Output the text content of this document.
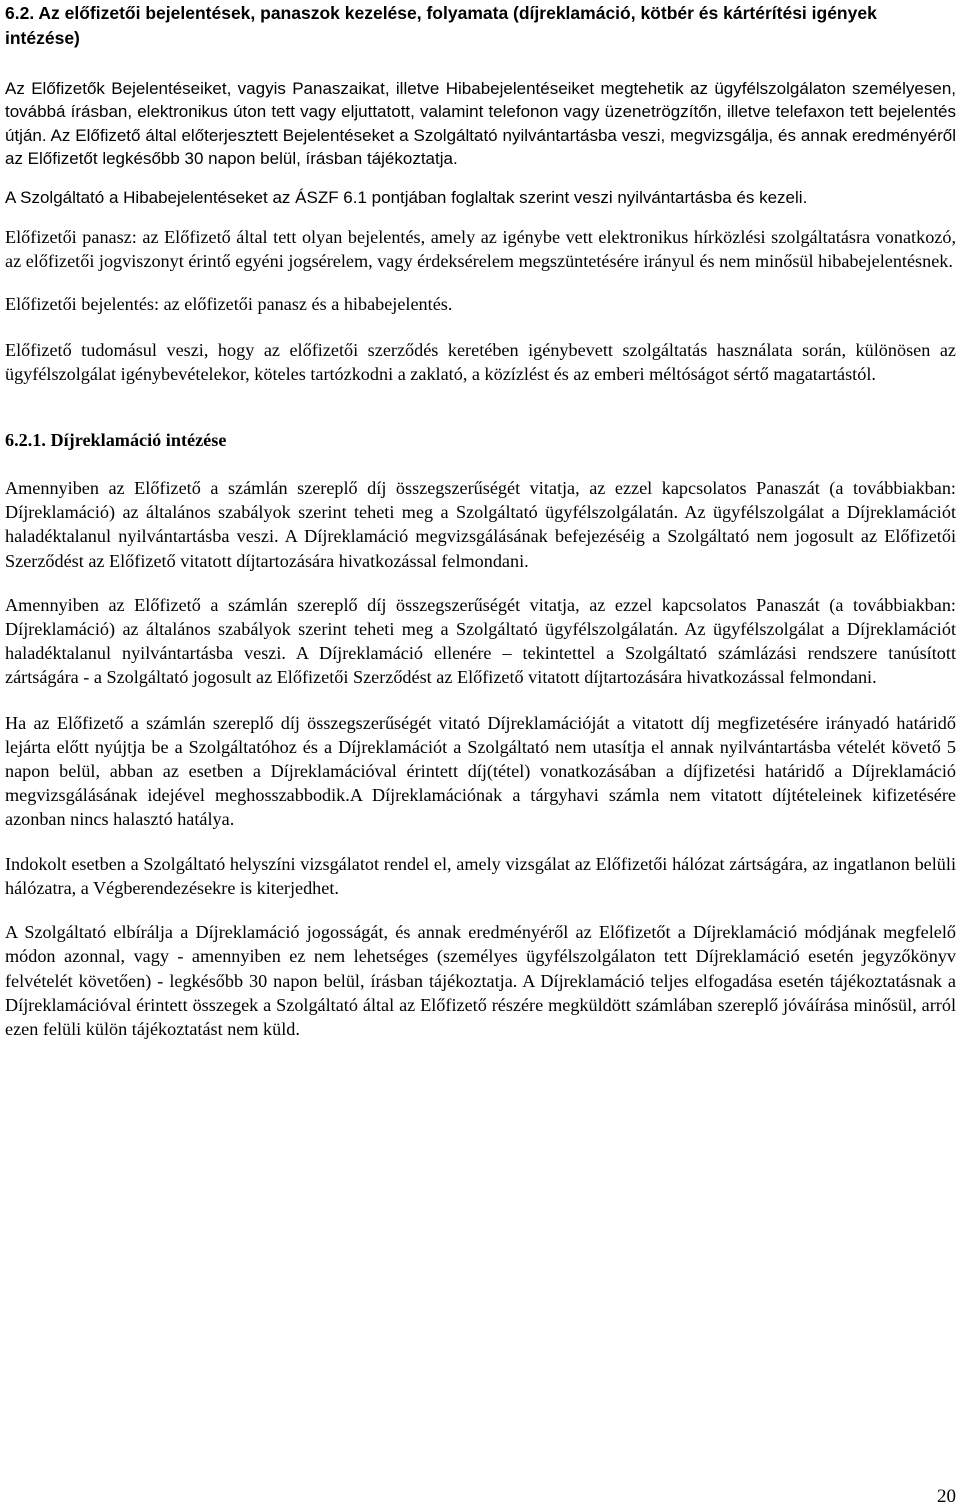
6.2. Az előfizetői bejelentések, panaszok kezelése, folyamata (díjreklamáció, kötbér és kártérítési igények intézése)

Az Előfizetők Bejelentéseiket, vagyis Panaszaikat, illetve Hibabejelentéseiket megtehetik az ügyfélszolgálaton személyesen, továbbá írásban, elektronikus úton tett vagy eljuttatott, valamint telefonon vagy üzenetrögzítőn, illetve telefaxon tett bejelentés útján. Az Előfizető által előterjesztett Bejelentéseket a Szolgáltató nyilvántartásba veszi, megvizsgálja, és annak eredményéről az Előfizetőt legkésőbb 30 napon belül, írásban tájékoztatja.

A Szolgáltató a Hibabejelentéseket az ÁSZF 6.1 pontjában foglaltak szerint veszi nyilvántartásba és kezeli.

Előfizetői panasz: az Előfizető által tett olyan bejelentés, amely az igénybe vett elektronikus hírközlési szolgáltatásra vonatkozó, az előfizetői jogviszonyt érintő egyéni jogsérelem, vagy érdeksérelem megszüntetésére irányul és nem minősül hibabejelentésnek.

Előfizetői bejelentés: az előfizetői panasz és a hibabejelentés.

Előfizető tudomásul veszi, hogy az előfizetői szerződés keretében igénybevett szolgáltatás használata során, különösen az ügyfélszolgálat igénybevételekor, köteles tartózkodni a zaklató, a közízlést és az emberi méltóságot sértő magatartástól.

6.2.1. Díjreklamáció intézése

Amennyiben az Előfizető a számlán szereplő díj összegszerűségét vitatja, az ezzel kapcsolatos Panaszát (a továbbiakban: Díjreklamáció) az általános szabályok szerint teheti meg a Szolgáltató ügyfélszolgálatán. Az ügyfélszolgálat a Díjreklamációt haladéktalanul nyilvántartásba veszi. A Díjreklamáció megvizsgálásának befejezéséig a Szolgáltató nem jogosult az Előfizetői Szerződést az Előfizető vitatott díjtartozására hivatkozással felmondani.

Amennyiben az Előfizető a számlán szereplő díj összegszerűségét vitatja, az ezzel kapcsolatos Panaszát (a továbbiakban: Díjreklamáció) az általános szabályok szerint teheti meg a Szolgáltató ügyfélszolgálatán. Az ügyfélszolgálat a Díjreklamációt haladéktalanul nyilvántartásba veszi. A Díjreklamáció ellenére – tekintettel a Szolgáltató számlázási rendszere tanúsított zártságára - a Szolgáltató jogosult az Előfizetői Szerződést az Előfizető vitatott díjtartozására hivatkozással felmondani.

Ha az Előfizető a számlán szereplő díj összegszerűségét vitató Díjreklamációját a vitatott díj megfizetésére irányadó határidő lejárta előtt nyújtja be a Szolgáltatóhoz és a Díjreklamációt a Szolgáltató nem utasítja el annak nyilvántartásba vételét követő 5 napon belül, abban az esetben a Díjreklamációval érintett díj(tétel) vonatkozásában a díjfizetési határidő a Díjreklamáció megvizsgálásának idejével meghosszabbodik.A Díjreklamációnak a tárgyhavi számla nem vitatott díjtételeinek kifizetésére azonban nincs halasztó hatálya.

Indokolt esetben a Szolgáltató helyszíni vizsgálatot rendel el, amely vizsgálat az Előfizetői hálózat zártságára, az ingatlanon belüli hálózatra, a Végberendezésekre is kiterjedhet.

A Szolgáltató elbírálja a Díjreklamáció jogosságát, és annak eredményéről az Előfizetőt a Díjreklamáció módjának megfelelő módon azonnal, vagy - amennyiben ez nem lehetséges (személyes ügyfélszolgálaton tett Díjreklamáció esetén jegyzőkönyv felvételét követően) - legkésőbb 30 napon belül, írásban tájékoztatja. A Díjreklamáció teljes elfogadása esetén tájékoztatásnak a Díjreklamációval érintett összegek a Szolgáltató által az Előfizető részére megküldött számlában szereplő jóváírása minősül, arról ezen felüli külön tájékoztatást nem küld.

20
